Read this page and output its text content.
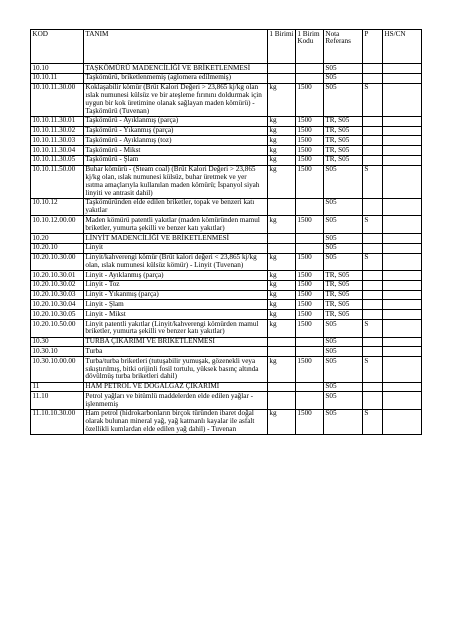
KOD	TANIM	1 Birimi	1 Birim Kodu	Nota Referans	P	HS/CN
10.10	TAŞKÖMÜRÜ MADENCİLİĞİ VE BRİKETLENMESİ			S05		
10.10.11	Taşkömürü, briketlenmemiş (aglomera edilmemiş)			S05		
10.10.11.30.00	Koklaşabilir kömür (Brüt Kalori Değeri > 23,865 kj/kg olan ıslak numunesi külsüz ve bir ateşleme fırınını doldurmak için uygun bir kok üretimine olanak sağlayan maden kömürü) - Taşkömürü (Tuvenan)	kg	1500	S05	S	
10.10.11.30.01	Taşkömürü - Ayıklanmış (parça)	kg	1500	TR, S05		
10.10.11.30.02	Taşkömürü - Yıkanmış (parça)	kg	1500	TR, S05		
10.10.11.30.03	Taşkömürü - Ayıklanmış (toz)	kg	1500	TR, S05		
10.10.11.30.04	Taşkömürü - Mikst	kg	1500	TR, S05		
10.10.11.30.05	Taşkömürü - Şlam	kg	1500	TR, S05		
10.10.11.50.00	Buhar kömürü - (Steam coal) (Brüt Kalori Değeri > 23,865 kj/kg olan, ıslak numunesi külsüz, buhar üretmek ve yer ısıtma amaçlarıyla kullanılan maden kömürü; İspanyol siyah linyiti ve antrasit dahil)	kg	1500	S05	S	
10.10.12	Taşkömüründen elde edilen briketler, topak ve benzeri katı yakıtlar			S05		
10.10.12.00.00	Maden kömürü patentli yakıtlar (maden kömüründen mamul briketler, yumurta şekilli ve benzer katı yakıtlar)	kg	1500	S05	S	
10.20	LİNYİT MADENCİLİĞİ VE BRİKETLENMESİ			S05		
10.20.10	Linyit			S05		
10.20.10.30.00	Linyit/kahverengi kömür (Brüt kalori değeri < 23,865 kj/kg olan, ıslak numunesi külsüz kömür) - Linyit (Tuvenan)	kg	1500	S05	S	
10.20.10.30.01	Linyit - Ayıklanmış (parça)	kg	1500	TR, S05		
10.20.10.30.02	Linyit - Toz	kg	1500	TR, S05		
10.20.10.30.03	Linyit - Yıkanmış (parça)	kg	1500	TR, S05		
10.20.10.30.04	Linyit - Şlam	kg	1500	TR, S05		
10.20.10.30.05	Linyit - Mikst	kg	1500	TR, S05		
10.20.10.50.00	Linyit patentli yakıtlar (Linyit/kahverengi kömürden mamul briketler, yumurta şekilli ve benzer katı yakıtlar)	kg	1500	S05	S	
10.30	TURBA ÇIKARIMI VE BRİKETLENMESİ			S05		
10.30.10	Turba			S05		
10.30.10.00.00	Turba/turba briketleri (tutuşabilir yumuşak, gözenekli veya sıkıştırılmış, bitki orijinli fosil tortulu, yüksek basınç altında dövülmüş turba briketleri dahil)	kg	1500	S05	S	
11	HAM PETROL VE DOĞALGAZ ÇIKARIMI			S05		
11.10	Petrol yağları ve bitümlü maddelerden elde edilen yağlar - işlenmemiş			S05		
11.10.10.30.00	Ham petrol (hidrokarbonların birçok türünden ibaret doğal olarak bulunan mineral yağ, yağ katmanlı kayalar ile asfalt özellikli kumlardan elde edilen yağ dahil) - Tuvenan	kg	1500	S05	S	
